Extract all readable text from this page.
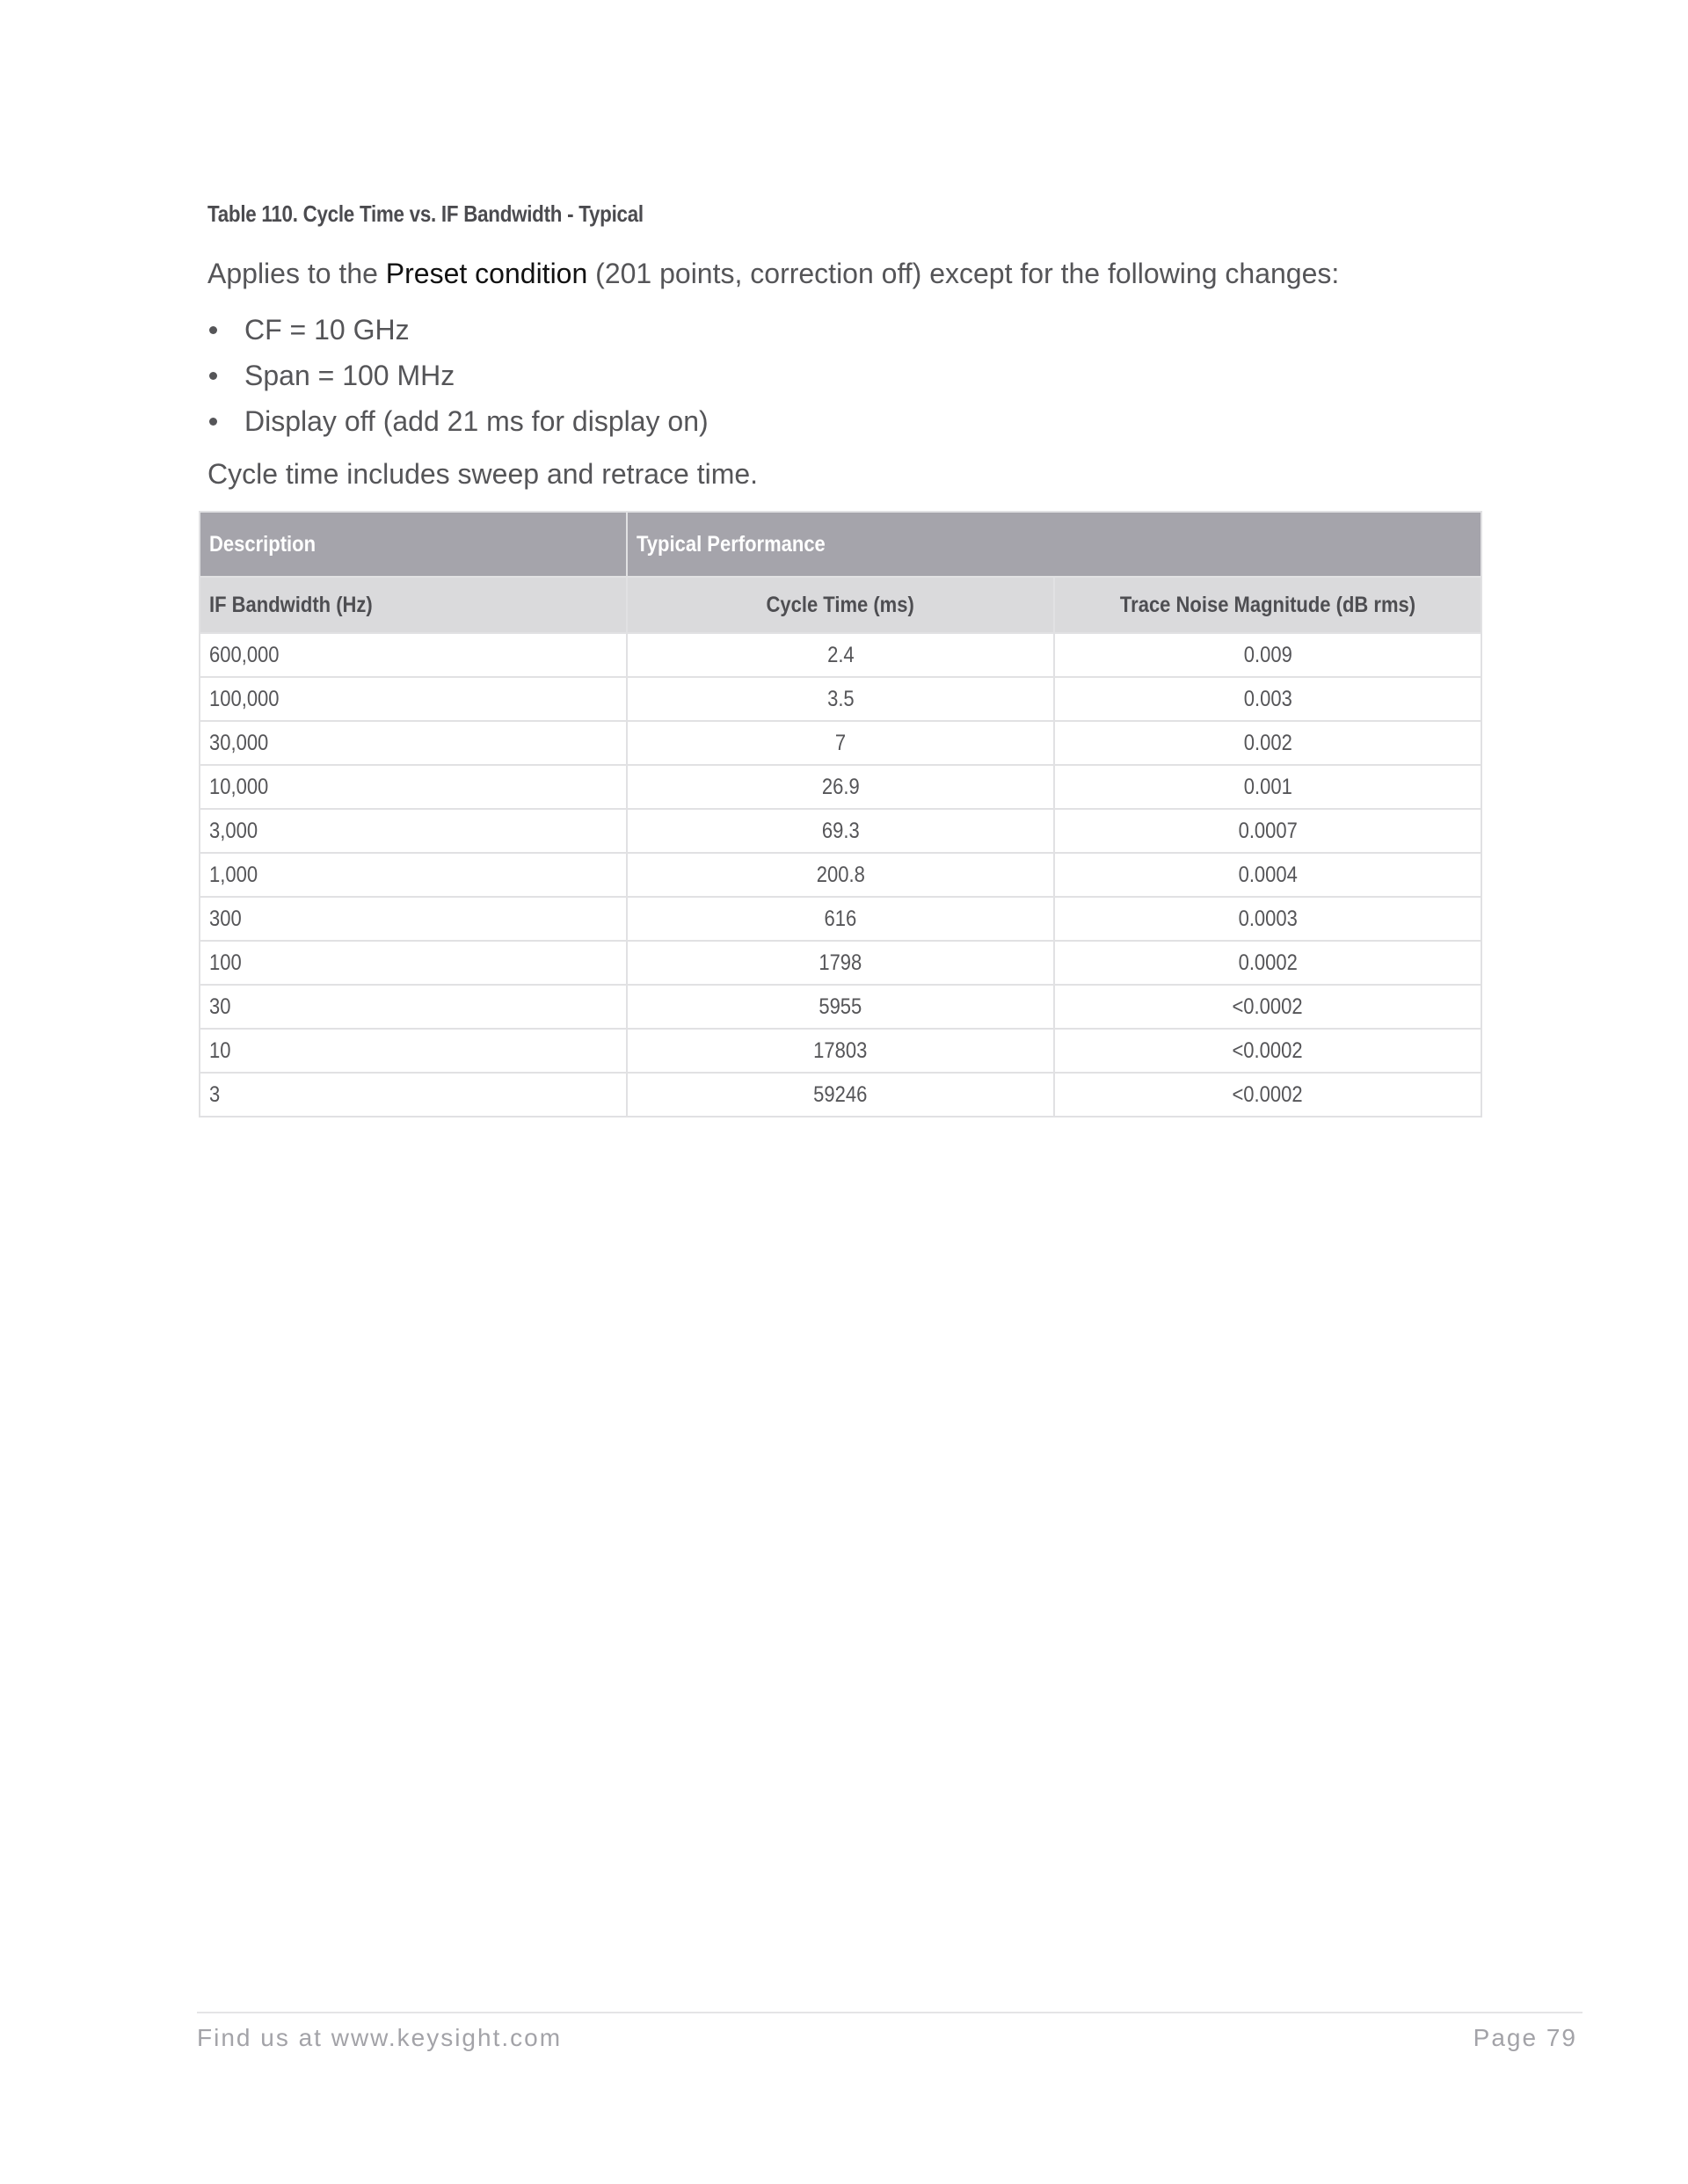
Table 110. Cycle Time vs. IF Bandwidth - Typical

Applies to the Preset condition (201 points, correction off) except for the following changes:

CF = 10 GHz
Span = 100 MHz
Display off (add 21 ms for display on)

Cycle time includes sweep and retrace time.

Description	Typical Performance	
IF Bandwidth (Hz)	Cycle Time (ms)	Trace Noise Magnitude (dB rms)
600,000	2.4	0.009
100,000	3.5	0.003
30,000	7	0.002
10,000	26.9	0.001
3,000	69.3	0.0007
1,000	200.8	0.0004
300	616	0.0003
100	1798	0.0002
30	5955	<0.0002
10	17803	<0.0002
3	59246	<0.0002
Find us at www.keysight.com	Page 79
